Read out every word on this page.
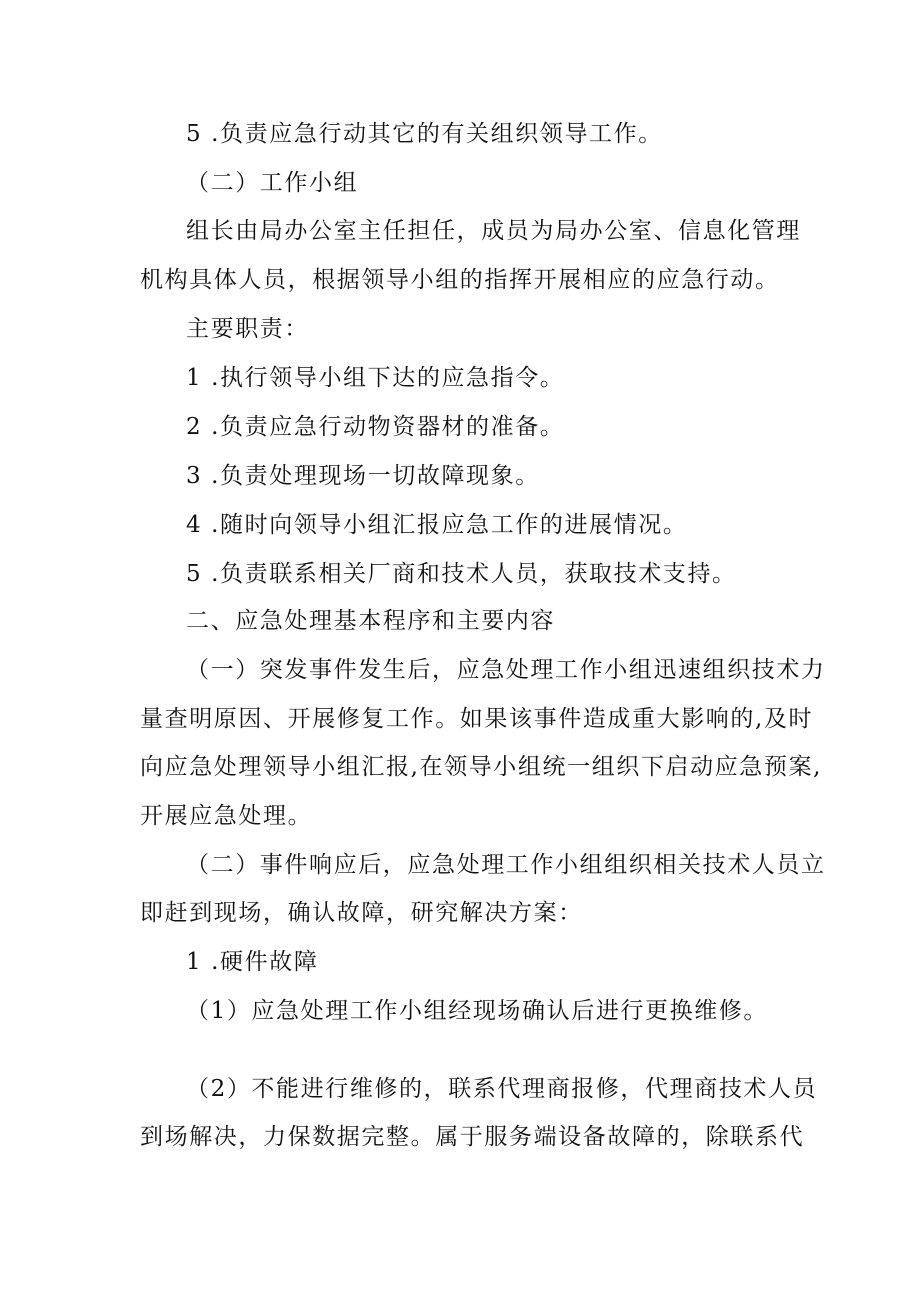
5 .负责应急行动其它的有关组织领导工作。
（二）工作小组
组长由局办公室主任担任，成员为局办公室、信息化管理
机构具体人员，根据领导小组的指挥开展相应的应急行动。
主要职责：
1 .执行领导小组下达的应急指令。
2 .负责应急行动物资器材的准备。
3 .负责处理现场一切故障现象。
4 .随时向领导小组汇报应急工作的进展情况。
5 .负责联系相关厂商和技术人员，获取技术支持。
二、应急处理基本程序和主要内容
（一）突发事件发生后，应急处理工作小组迅速组织技术力
量查明原因、开展修复工作。如果该事件造成重大影响的,及时
向应急处理领导小组汇报,在领导小组统一组织下启动应急预案,
开展应急处理。
（二）事件响应后，应急处理工作小组组织相关技术人员立
即赶到现场，确认故障，研究解决方案：
1 .硬件故障
（1）应急处理工作小组经现场确认后进行更换维修。
（2）不能进行维修的，联系代理商报修，代理商技术人员
到场解决，力保数据完整。属于服务端设备故障的，除联系代
